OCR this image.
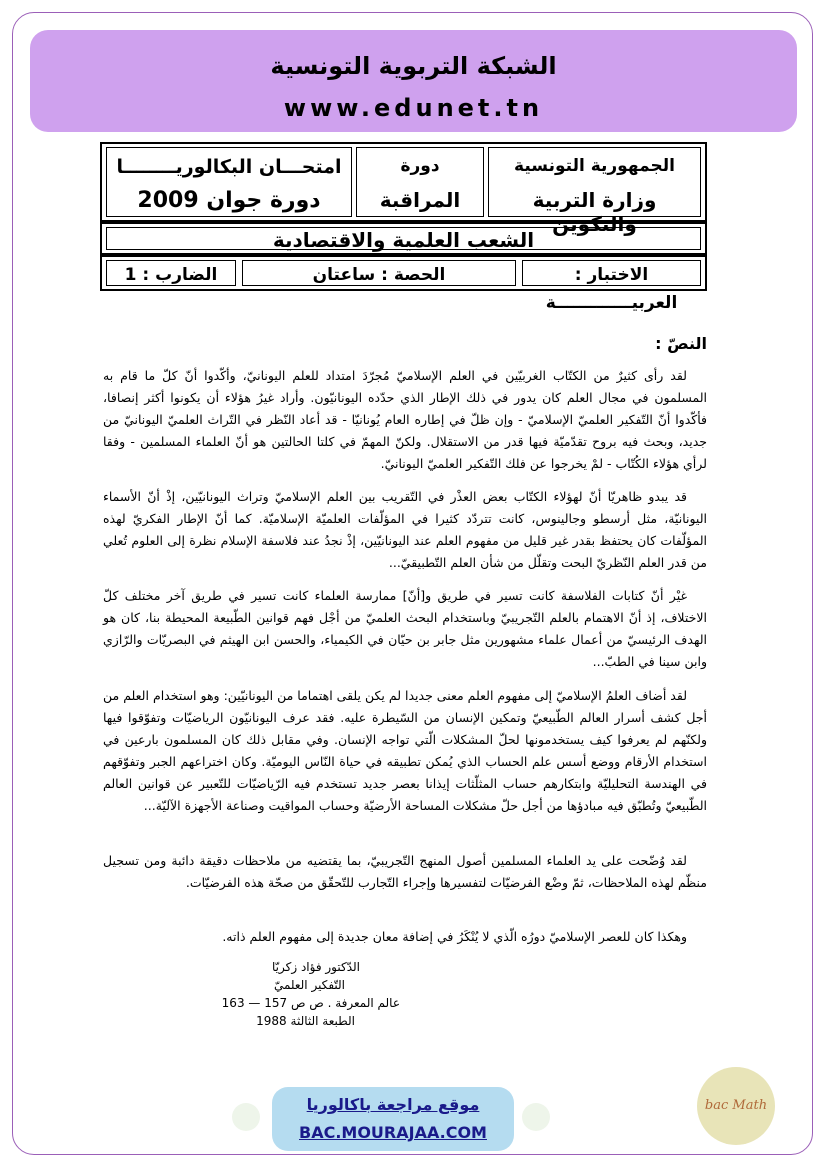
الشبكة التربوية التونسية
www.edunet.tn
الجمهورية التونسية
وزارة التربية والتكوين
دورة
المراقبة
امتحـــان البكالوريــــــــا
دورة جوان 2009
الشعب العلمية والاقتصادية
الاختبار : العربيـــــــــــــة
الحصة : ساعتان
الضارب : 1
النصّ :

لقد رأى كثيرٌ من الكتّاب الغربيّين في العلم الإسلاميّ مُجرّدَ امتداد للعلم اليونانيّ، وأكّدوا أنّ كلّ ما قام به المسلمون في مجال العلم كان يدور في ذلك الإطار الذي حدّده اليونانيّون. وأراد غيرُ هؤلاء أن يكونوا أكثر إنصافا، فأكّدوا أنّ التّفكير العلميّ الإسلاميّ - وإن ظلّ في إطاره العام يُونانيّا - قد أعاد النّظر في التّراث العلميّ اليونانيّ من جديد، وبحث فيه بروح تقدّميّة فيها قدر من الاستقلال. ولكنّ المهمّ في كلتا الحالتين هو أنّ العلماء المسلمين - وفقا لرأي هؤلاء الكُتّاب - لمْ يخرجوا عن فلك التّفكير العلميّ اليونانيّ.

قد يبدو ظاهريّا أنّ لهؤلاء الكتّاب بعض العذْر في التّقريب بين العلم الإسلاميّ وتراث اليونانيّين، إذْ أنّ الأسماء اليونانيّة، مثل أرسطو وجالينوس، كانت تتردّد كثيرا في المؤلّفات العلميّة الإسلاميّة. كما أنّ الإطار الفكريّ لهذه المؤلّفات كان يحتفظ بقدر غير قليل من مفهوم العلم عند اليونانيّين، إذْ نجدُ عند فلاسفة الإسلام نظرة إلى العلوم تُعلي من قدر العلم النّظريّ البحت وتقلّل من شأن العلم التّطبيقيّ...

غيْر أنّ كتابات الفلاسفة كانت تسير في طريق و[أنّ] ممارسة العلماء كانت تسير في طريق آخر مختلف كلّ الاختلاف، إذ أنّ الاهتمام بالعلم التّجريبيّ وباستخدام البحث العلميّ من أجْل فهم قوانين الطّبيعة المحيطة بنا، كان هو الهدف الرئيسيّ من أعمال علماء مشهورين مثل جابر بن حيّان في الكيمياء، والحسن ابن الهيثم في البصريّات والرّازي وابن سينا في الطبّ...

لقد أضاف العلمُ الإسلاميّ إلى مفهوم العلم معنى جديدا لم يكن يلقى اهتماما من اليونانيّين: وهو استخدام العلم من أجل كشف أسرار العالم الطّبيعيّ وتمكين الإنسان من السّيطرة عليه. فقد عرف اليونانيّون الرياضيّات وتفوّقوا فيها ولكنّهم لم يعرفوا كيف يستخدمونها لحلّ المشكلات الّتي تواجه الإنسان. وفي مقابل ذلك كان المسلمون بارعين في استخدام الأرقام ووضع أسس علم الحساب الذي يُمكن تطبيقه في حياة النّاس اليوميّة. وكان اختراعهم الجبر وتفوّقهم في الهندسة التحليليّة وابتكارهم حساب المثلّثات إيذانا بعصر جديد تستخدم فيه الرّياضيّات للتّعبير عن قوانين العالم الطّبيعيّ وتُطبّق فيه مبادؤها من أجل حلّ مشكلات المساحة الأرضيّة وحساب المواقيت وصناعة الأجهزة الآليّة...

لقد وُضّحت على يد العلماء المسلمين أصول المنهج التّجريبيّ، بما يقتضيه من ملاحظات دقيقة دائبة ومن تسجيل منظّم لهذه الملاحظات، ثمّ وضْع الفرضيّات لتفسيرها وإجراء التّجارب للتّحقّق من صحّة هذه الفرضيّات.

وهكذا كان للعصر الإسلاميّ دورُه الّذي لا يُنْكَرُ في إضافة معان جديدة إلى مفهوم العلم ذاته.

الدّكتور فؤاد زكريّا
التّفكير العلميّ
عالم المعرفة . ص ص 157 — 163
الطبعة الثالثة 1988
موقع مراجعة باكالوريا
BAC.MOURAJAA.COM
bac Math
